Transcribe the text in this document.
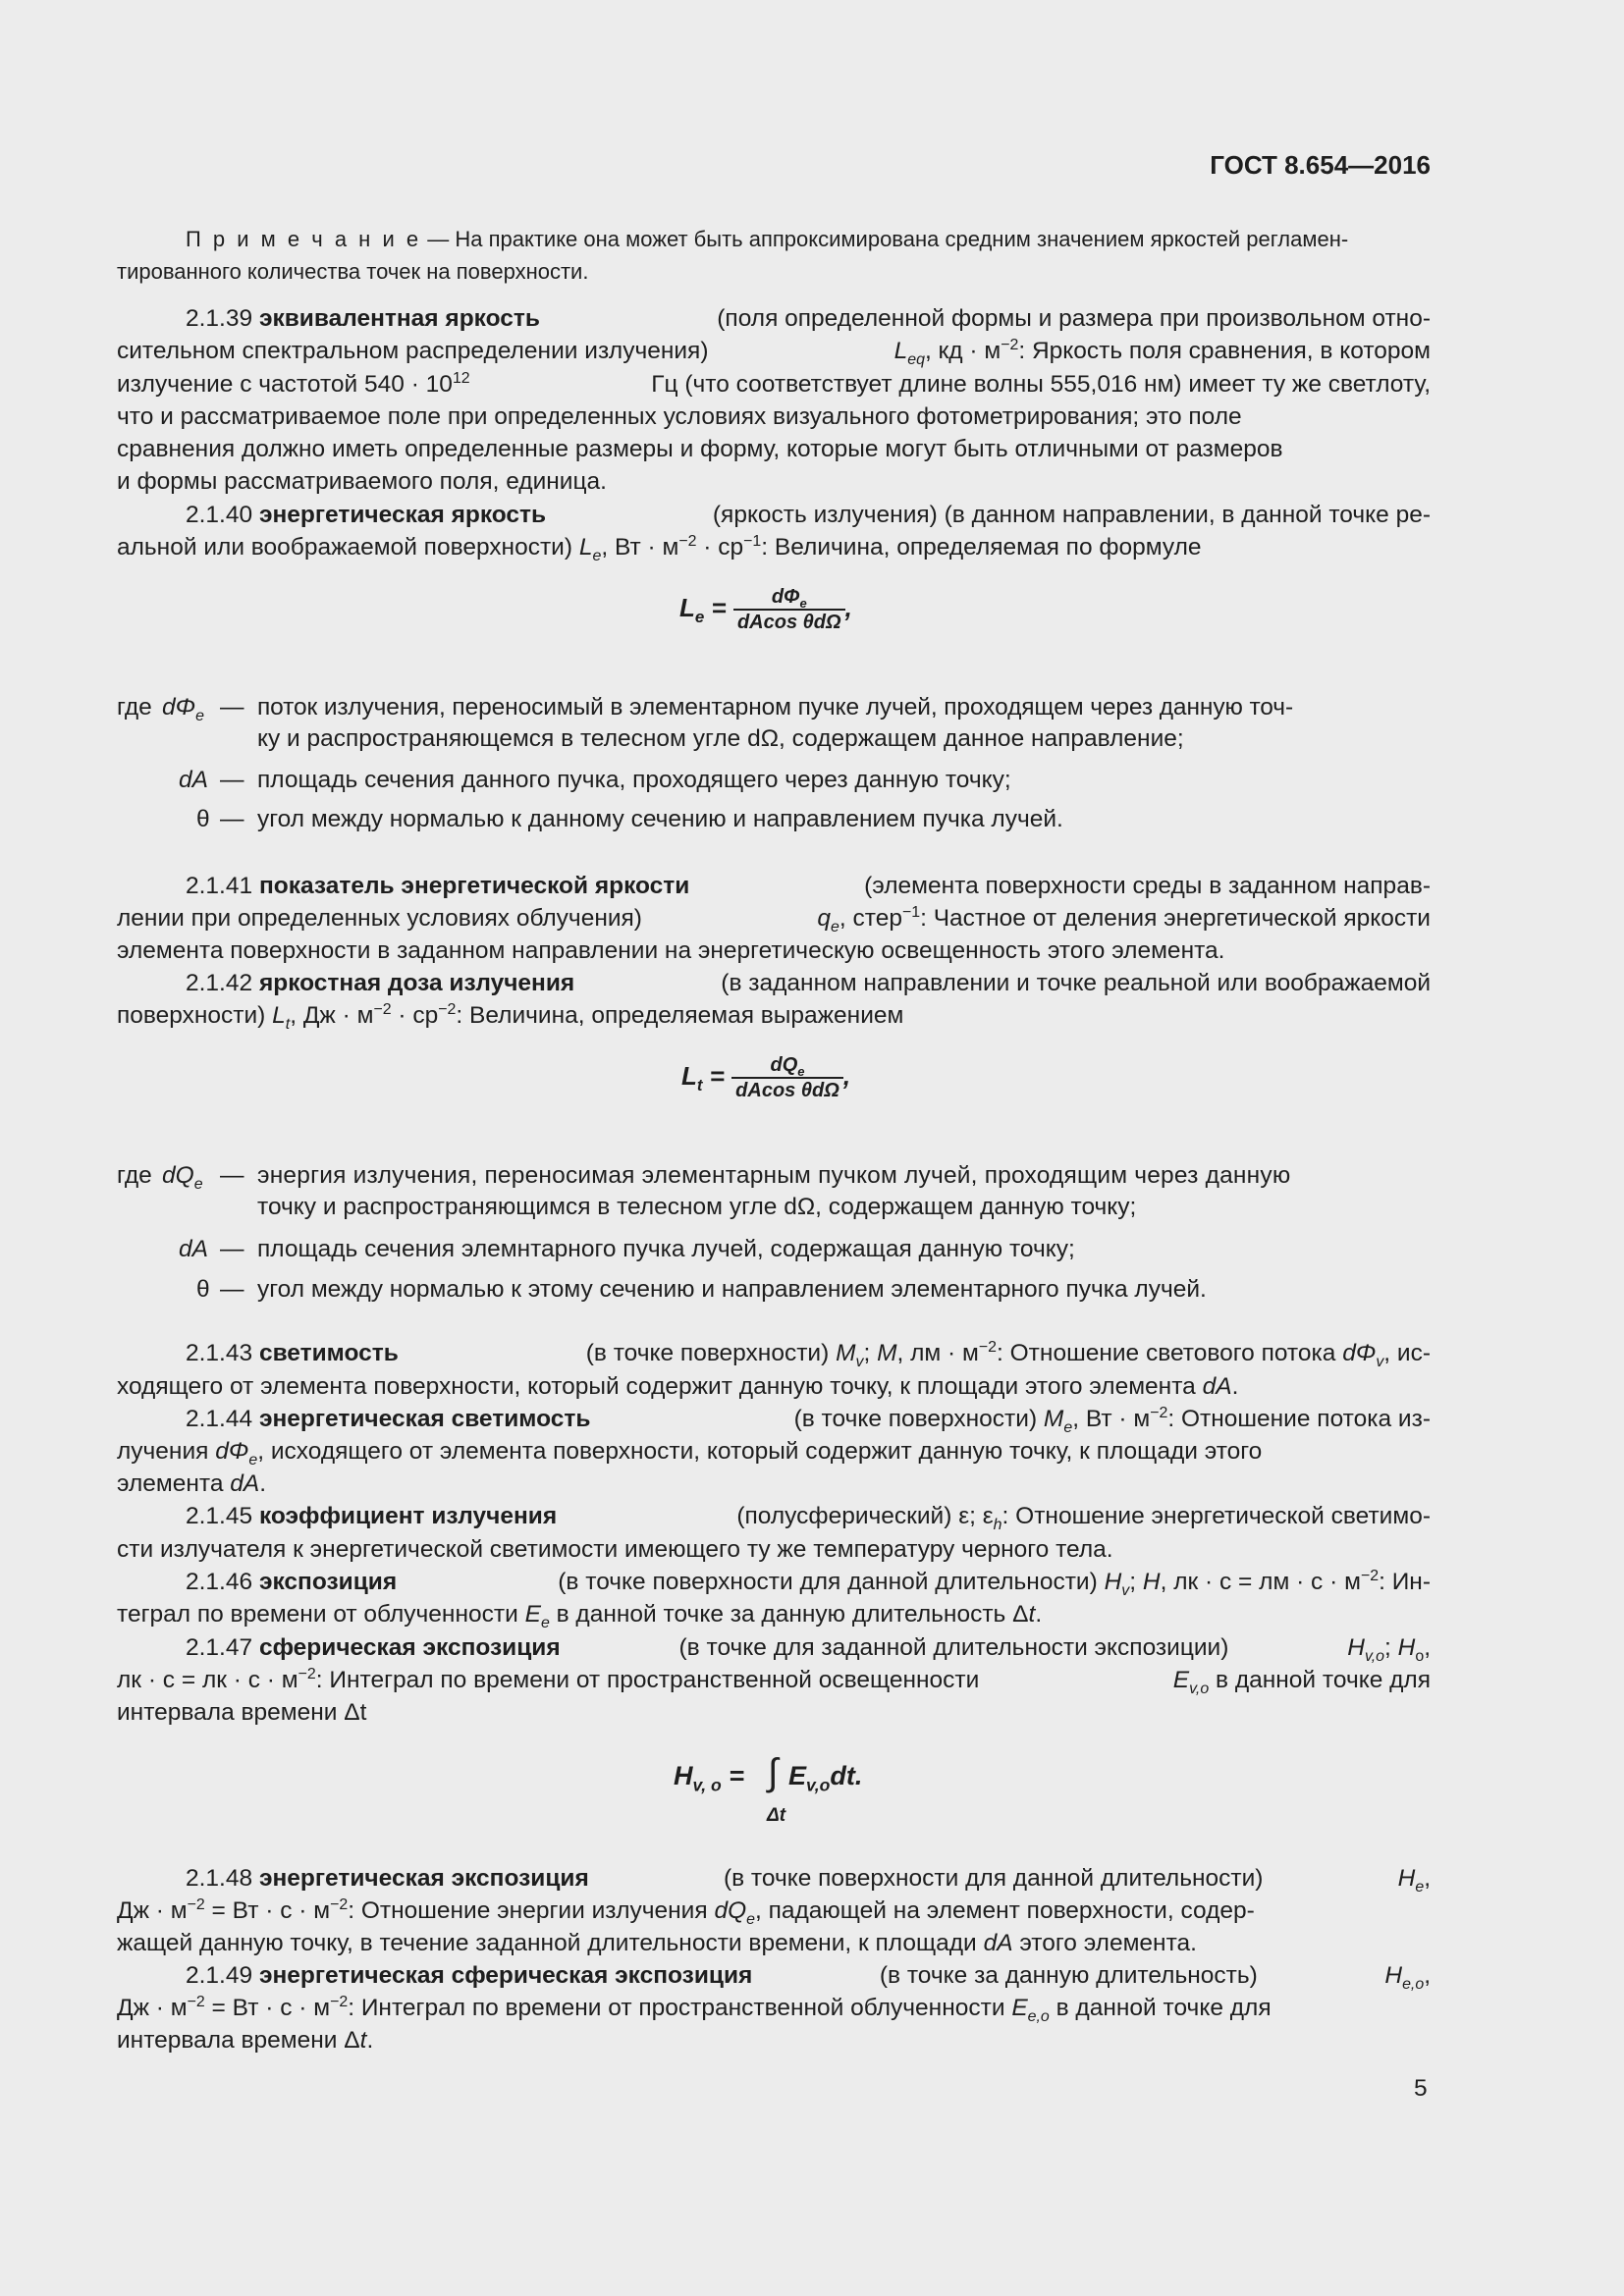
ГОСТ 8.654—2016
П р и м е ч а н и е — На практике она может быть аппроксимирована средним значением яркостей регламен-
тированного количества точек на поверхности.
2.1.39 эквивалентная яркость	(поля определенной формы и размера при произвольном отно-
сительном спектральном распределении излучения)	$L_{eq}$, кд · $м^{-2}$: Яркость поля сравнения, в котором
излучение с частотой $540 \cdot 10^{12}$	Гц (что соответствует длине волны 555,016 нм) имеет ту же светлоту,
что и рассматриваемое поле при определенных условиях визуального фотометрирования; это поле
сравнения должно иметь определенные размеры и форму, которые могут быть отличными от размеров
и формы рассматриваемого поля, единица.
2.1.40 энергетическая яркость	(яркость излучения) (в данном направлении, в данной точке ре-
альной или воображаемой поверхности) $L_e$, Вт · $м^{-2} \cdot ср^{-1}$: Величина, определяемая по формуле
$L_e = \frac{d\Phi_e}{\text{dAcos θdΩ}}$ ,
где $d\Phi_e$ — поток излучения, переносимый в элементарном пучке лучей, проходящем через данную точ-
ку и распространяющемся в телесном угле dΩ, содержащем данное направление;
dA — площадь сечения данного пучка, проходящего через данную точку;
θ — угол между нормалью к данному сечению и направлением пучка лучей.
2.1.41 показатель энергетической яркости	(элемента поверхности среды в заданном направ-
лении при определенных условиях облучения)	$q_e$, стер$^{-1}$: Частное от деления энергетической яркости
элемента поверхности в заданном направлении на энергетическую освещенность этого элемента.
2.1.42 яркостная доза излучения	(в заданном направлении и точке реальной или воображаемой
поверхности) $L_t$, Дж · $м^{-2} \cdot ср^{-2}$: Величина, определяемая выражением
$L_t = \frac{dQ_e}{\text{dAcos θdΩ}}$ ,
где $dQ_e$ — энергия излучения, переносимая элементарным пучком лучей, проходящим через данную
точку и распространяющимся в телесном угле dΩ, содержащем данную точку;
dA — площадь сечения элемнтарного пучка лучей, содержащая данную точку;
θ — угол между нормалью к этому сечению и направлением элементарного пучка лучей.
2.1.43 светимость	(в точке поверхности) $M_v$; M, лм · $м^{-2}$: Отношение светового потока $d\Phi_v$, ис-
ходящего от элемента поверхности, который содержит данную точку, к площади этого элемента dA.
2.1.44 энергетическая светимость	(в точке поверхности) $M_e$, Вт · $м^{-2}$: Отношение потока из-
лучения $d\Phi_e$, исходящего от элемента поверхности, который содержит данную точку, к площади этого
элемента dA.
2.1.45 коэффициент излучения	(полусферический) ε; $\varepsilon_h$: Отношение энергетической светимо-
сти излучателя к энергетической светимости имеющего ту же температуру черного тела.
2.1.46 экспозиция	(в точке поверхности для данной длительности) $H_v$; H, лк · с = лм · $с \cdot м^{-2}$: Ин-
теграл по времени от облученности $E_e$ в данной точке за данную длительность Δt.
2.1.47 сферическая экспозиция	(в точке для заданной длительности экспозиции)	$H_{v,o}$; $H_o$,
лк · с = лк · $с \cdot м^{-2}$: Интеграл по времени от пространственной освещенности	$E_{v,o}$ в данной точке для
интервала времени Δt
$H_{v, o}$ = ∫
Δt
$E_{v,o}dt$.
2.1.48 энергетическая экспозиция	(в точке поверхности для данной длительности)	$H_e$,
Дж · $м^{-2}$ = Вт · $с \cdot м^{-2}$: Отношение энергии излучения $dQ_e$, падающей на элемент поверхности, содер-
жащей данную точку, в течение заданной длительности времени, к площади dA этого элемента.
2.1.49 энергетическая сферическая экспозиция	(в точке за данную длительность)	$H_{e,o}$,
Дж · $м^{-2}$ = Вт · $с \cdot м^{-2}$: Интеграл по времени от пространственной облученности $E_{e,o}$ в данной точке для
интервала времени Δt.
5
